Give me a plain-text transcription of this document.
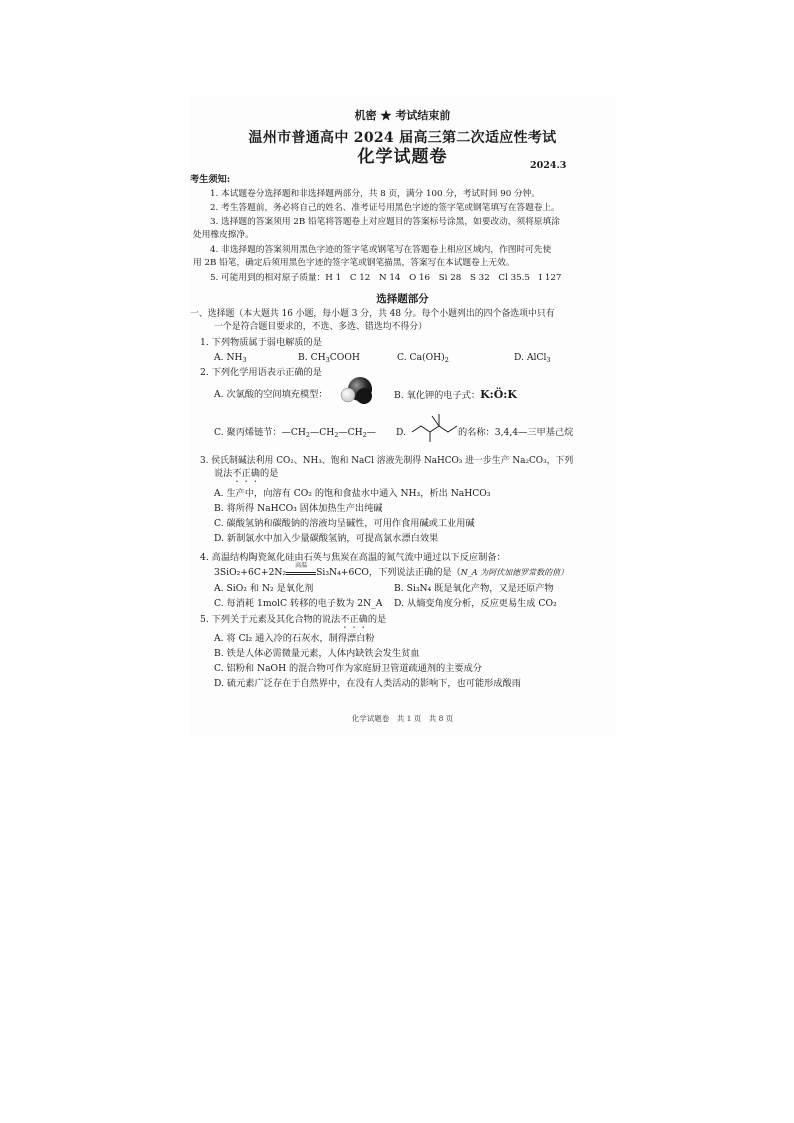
机密 ★ 考试结束前
温州市普通高中 2024 届高三第二次适应性考试
化学试题卷	2024.3
考生须知:
1. 本试题卷分选择题和非选择题两部分，共 8 页，满分 100 分，考试时间 90 分钟。
2. 考生答题前，务必将自己的姓名、准考证号用黑色字迹的签字笔或钢笔填写在答题卷上。
3. 选择题的答案须用 2B 铅笔将答题卷上对应题目的答案标号涂黑，如要改动，须将原填涂
处用橡皮擦净。
4. 非选择题的答案须用黑色字迹的签字笔或钢笔写在答题卷上相应区域内，作图时可先使
用 2B 铅笔，确定后须用黑色字迹的签字笔或钢笔描黑，答案写在本试题卷上无效。
5. 可能用到的相对原子质量：H 1　C 12　N 14　O 16　Si 28　S 32　Cl 35.5　I 127
选择题部分
一、选择题（本大题共 16 小题，每小题 3 分，共 48 分。每个小题列出的四个备选项中只有
一个是符合题目要求的，不选、多选、错选均不得分）
1. 下列物质属于弱电解质的是
A. $NH_3$	B. $CH_3COOH$	C. $Ca(OH)_2$	D. AlCl$_3$
2. 下列化学用语表示正确的是
A. 次氯酸的空间填充模型：	B. 氧化钾的电子式：K:Ö:K
C. 聚丙烯链节：$—CH_2—CH_2—CH_2—$ D.	的名称：3,4,4—三甲基己烷
3. 侯氏制碱法利用 CO₂、NH₃、饱和 NaCl 溶液先制得 NaHCO₃ 进一步生产 Na₂CO₃，下列
说法不正确的是
A. 生产中，向溶有 CO₂ 的饱和食盐水中通入 NH₃，析出 NaHCO₃
B. 将所得 NaHCO₃ 固体加热生产出纯碱
C. 碳酸氢钠和碳酸钠的溶液均呈碱性，可用作食用碱或工业用碱
D. 新制氯水中加入少量碳酸氢钠，可提高氯水漂白效果
4. 高温结构陶瓷氮化硅由石英与焦炭在高温的氮气流中通过以下反应制备：
3SiO₂+6C+2N₂
高温
Si₃N₄+6CO，下列说法正确的是（N_A 为阿伏加德罗常数的值）
A. SiO₂ 和 N₂ 是氧化剂	B. Si₃N₄ 既是氧化产物，又是还原产物
C. 每消耗 1molC 转移的电子数为 2N_A D. 从熵变角度分析，反应更易生成 CO₂
5. 下列关于元素及其化合物的说法不正确的是
A. 将 Cl₂ 通入冷的石灰水，制得漂白粉
B. 铁是人体必需微量元素，人体内缺铁会发生贫血
C. 铝粉和 NaOH 的混合物可作为家庭厨卫管道疏通剂的主要成分
D. 硫元素广泛存在于自然界中，在没有人类活动的影响下，也可能形成酸雨
化学试题卷　共 1 页　共 8 页
